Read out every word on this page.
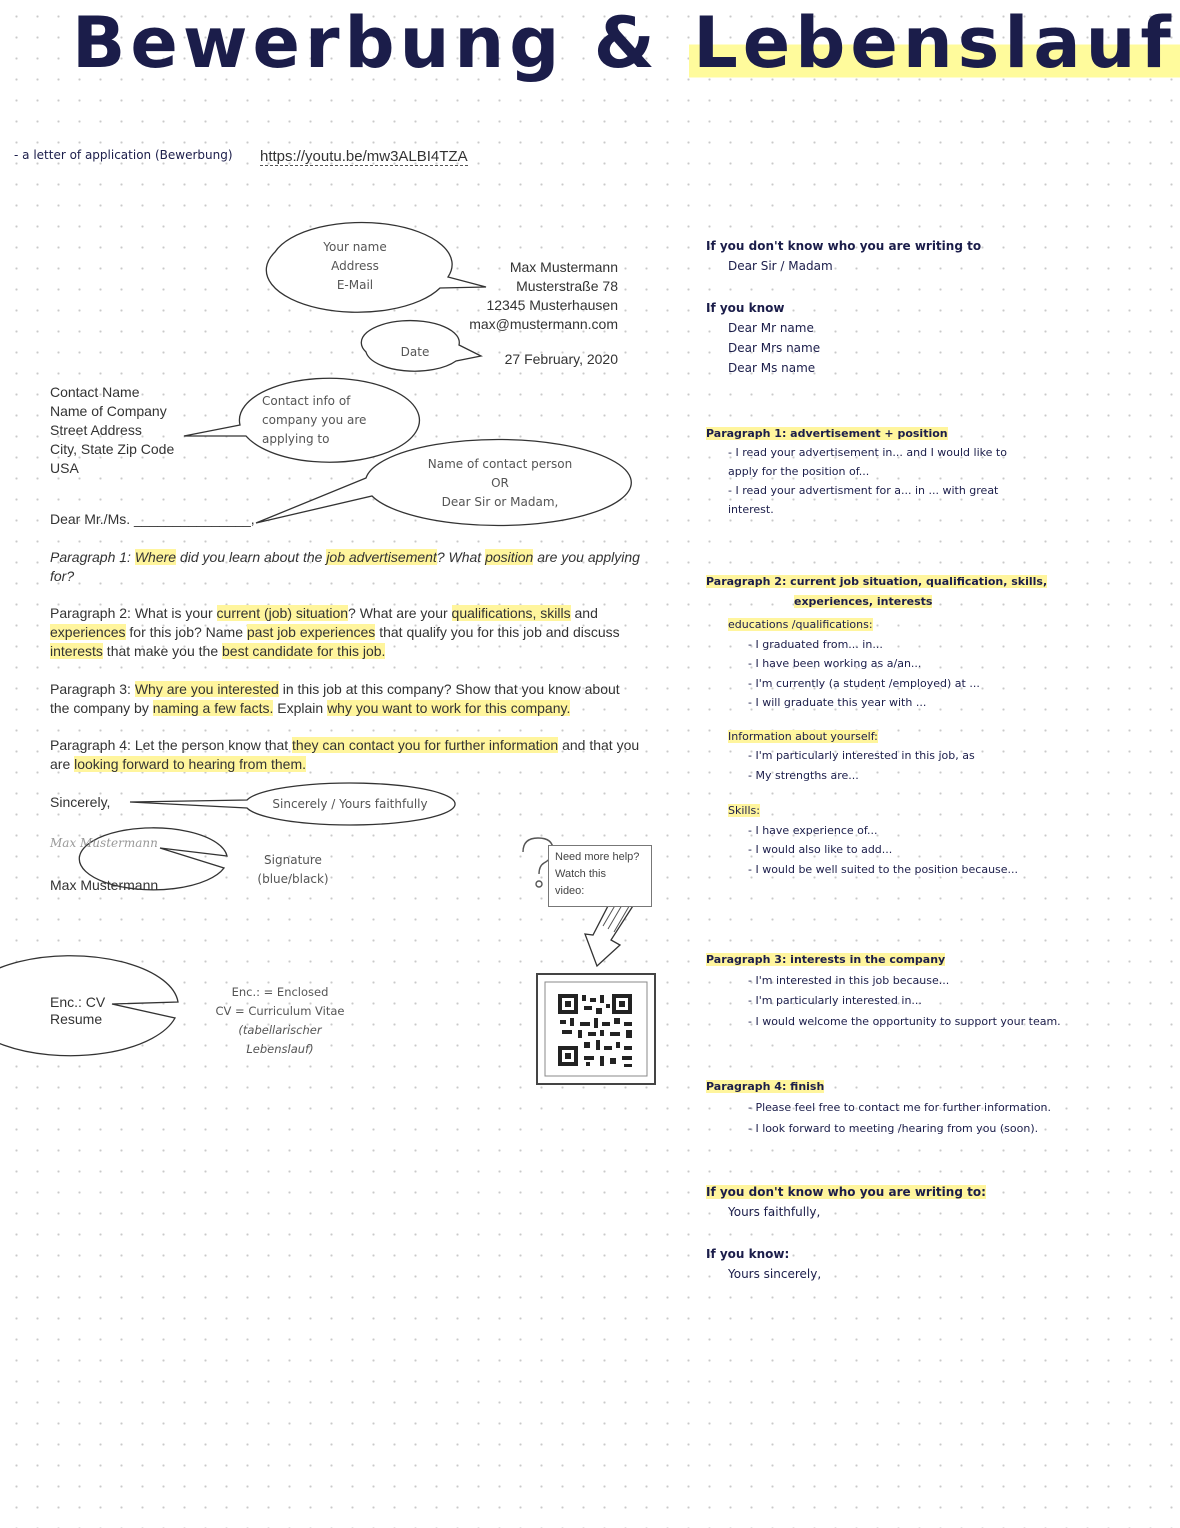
Bewerbung & Lebenslauf
- a letter of application (Bewerbung) https://youtu.be/mw3ALBI4TZA
Your name
Address
E-Mail
Date
Contact info of
company you are
applying to
Name of contact person
OR
Dear Sir or Madam,
Sincerely / Yours faithfully
Signature
(blue/black)
Enc.: = Enclosed
CV = Curriculum Vitae
(tabellarischer
Lebenslauf)
Max Mustermann
Musterstraße 78
12345 Musterhausen
max@mustermann.com
27 February, 2020
Contact Name
Name of Company
Street Address
City, State Zip Code
USA
Dear Mr./Ms. _______________,
Paragraph 1: Where did you learn about the job advertisement? What position are you applying for?
Paragraph 2: What is your current (job) situation? What are your qualifications, skills and experiences for this job? Name past job experiences that qualify you for this job and discuss interests that make you the best candidate for this job.
Paragraph 3: Why are you interested in this job at this company? Show that you know about the company by naming a few facts. Explain why you want to work for this company.
Paragraph 4: Let the person know that they can contact you for further information and that you are looking forward to hearing from them.
Sincerely,
Max Mustermann
Max Mustermann
Enc.: CV
Resume
Need more help?
Watch this
video:
If you don't know who you are writing to
Dear Sir / Madam
If you know
Dear Mr name
Dear Mrs name
Dear Ms name
Paragraph 1: advertisement + position
- I read your advertisement in... and I would like to
apply for the position of...
- I read your advertisment for a... in ... with great
interest.
Paragraph 2: current job situation, qualification, skills,
experiences, interests
educations /qualifications:
- I graduated from... in...
- I have been working as a/an...
- I'm currently (a student /employed) at ...
- I will graduate this year with ...
Information about yourself:
- I'm particularly interested in this job, as
- My strengths are...
Skills:
- I have experience of...
- I would also like to add...
- I would be well suited to the position because...
Paragraph 3: interests in the company
- I'm interested in this job because...
- I'm particularly interested in...
- I would welcome the opportunity to support your team.
Paragraph 4: finish
- Please feel free to contact me for further information.
- I look forward to meeting /hearing from you (soon).
If you don't know who you are writing to:
Yours faithfully,
If you know:
Yours sincerely,
